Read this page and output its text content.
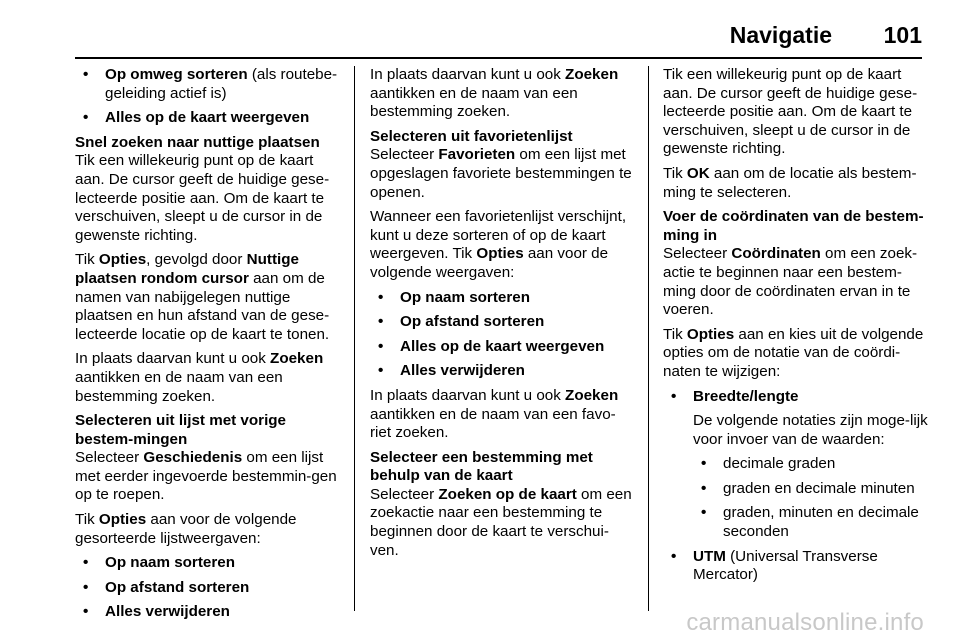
Navigatie 101
• Op omweg sorteren (als routebe-geleiding actief is)
• Alles op de kaart weergeven

Snel zoeken naar nuttige plaatsen

Tik een willekeurig punt op de kaart aan. De cursor geeft de huidige gese-lecteerde positie aan. Om de kaart te verschuiven, sleept u de cursor in de gewenste richting.

Tik Opties, gevolgd door Nuttige plaatsen rondom cursor aan om de namen van nabijgelegen nuttige plaatsen en hun afstand van de gese-lecteerde locatie op de kaart te tonen.

In plaats daarvan kunt u ook Zoeken aantikken en de naam van een bestemming zoeken.

Selecteren uit lijst met vorige bestem-mingen

Selecteer Geschiedenis om een lijst met eerder ingevoerde bestemmin-gen op te roepen.

Tik Opties aan voor de volgende gesorteerde lijstweergaven:

• Op naam sorteren
• Op afstand sorteren
• Alles verwijderen

In plaats daarvan kunt u ook Zoeken aantikken en de naam van een bestemming zoeken.

Selecteren uit favorietenlijst

Selecteer Favorieten om een lijst met opgeslagen favoriete bestemmingen te openen.

Wanneer een favorietenlijst verschijnt, kunt u deze sorteren of op de kaart weergeven. Tik Opties aan voor de volgende weergaven:

• Op naam sorteren
• Op afstand sorteren
• Alles op de kaart weergeven
• Alles verwijderen

In plaats daarvan kunt u ook Zoeken aantikken en de naam van een favo-riet zoeken.

Selecteer een bestemming met behulp van de kaart

Selecteer Zoeken op de kaart om een zoekactie naar een bestemming te beginnen door de kaart te verschui-ven.

Tik een willekeurig punt op de kaart aan. De cursor geeft de huidige gese-lecteerde positie aan. Om de kaart te verschuiven, sleept u de cursor in de gewenste richting.

Tik OK aan om de locatie als bestem-ming te selecteren.

Voer de coördinaten van de bestem-ming in

Selecteer Coördinaten om een zoek-actie te beginnen naar een bestem-ming door de coördinaten ervan in te voeren.

Tik Opties aan en kies uit de volgende opties om de notatie van de coördi-naten te wijzigen:

• Breedte/lengte
De volgende notaties zijn moge-lijk voor invoer van de waarden:
• decimale graden
• graden en decimale minuten
• graden, minuten en decimale seconden
• UTM (Universal Transverse Mercator)
carmanualsonline.info
